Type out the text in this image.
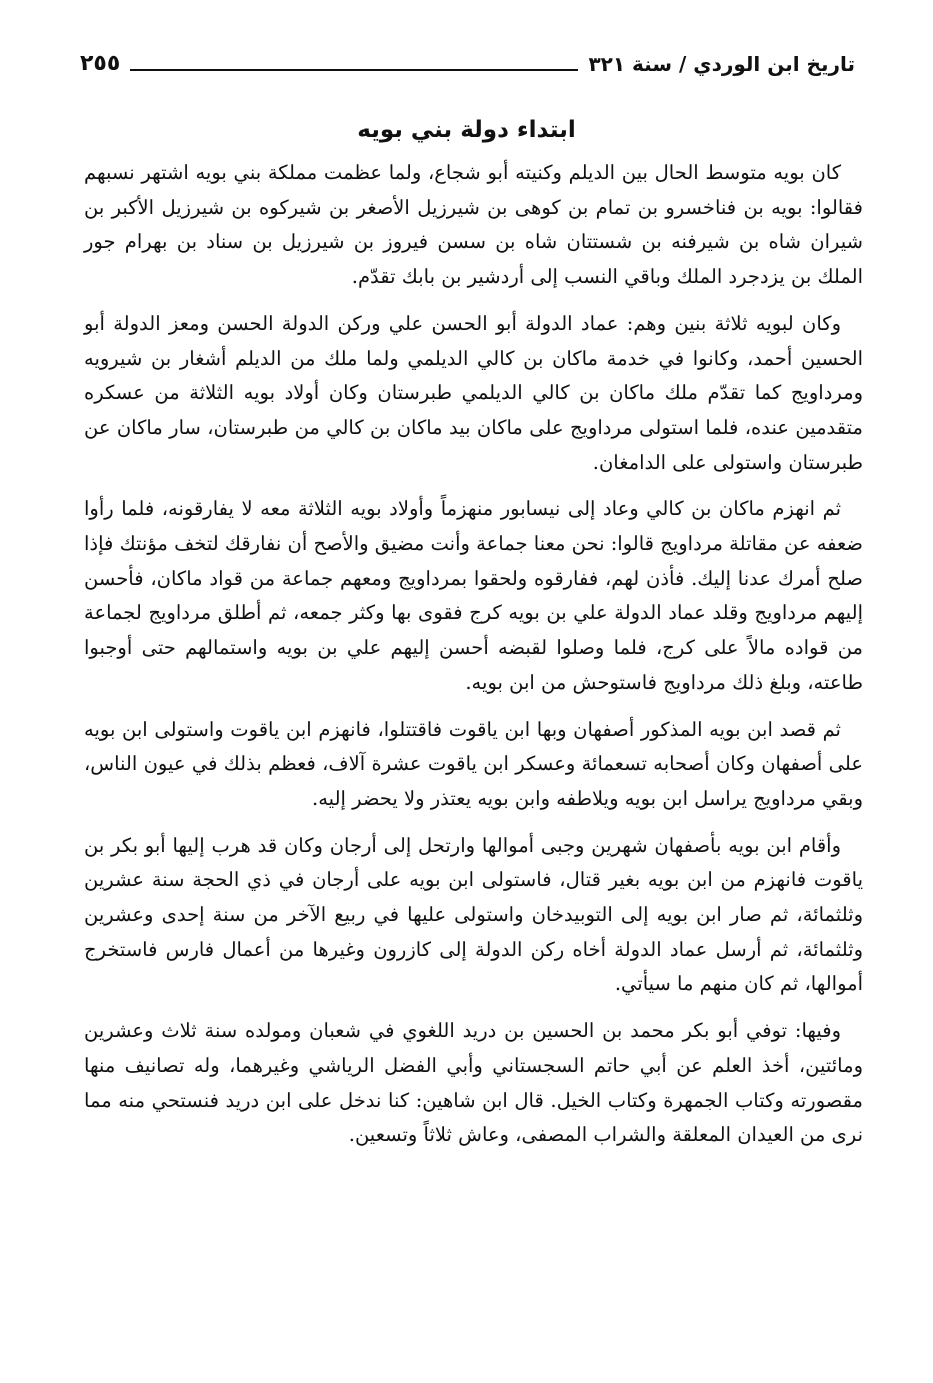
تاريخ ابن الوردي / سنة ٣٢١
٢٥٥
ابتداء دولة بني بويه

كان بويه متوسط الحال بين الديلم وكنيته أبو شجاع، ولما عظمت مملكة بني بويه اشتهر نسبهم فقالوا: بويه بن فناخسرو بن تمام بن كوهى بن شيرزيل الأصغر بن شيركوه بن شيرزيل الأكبر بن شيران شاه بن شيرفنه بن شستتان شاه بن سسن فيروز بن شيرزيل بن سناد بن بهرام جور الملك بن يزدجرد الملك وباقي النسب إلى أردشير بن بابك تقدّم.

وكان لبويه ثلاثة بنين وهم: عماد الدولة أبو الحسن علي وركن الدولة الحسن ومعز الدولة أبو الحسين أحمد، وكانوا في خدمة ماكان بن كالي الديلمي ولما ملك من الديلم أشغار بن شيرويه ومرداويج كما تقدّم ملك ماكان بن كالي الديلمي طبرستان وكان أولاد بويه الثلاثة من عسكره متقدمين عنده، فلما استولى مرداويج على ماكان بيد ماكان بن كالي من طبرستان، سار ماكان عن طبرستان واستولى على الدامغان.

ثم انهزم ماكان بن كالي وعاد إلى نيسابور منهزماً وأولاد بويه الثلاثة معه لا يفارقونه، فلما رأوا ضعفه عن مقاتلة مرداويج قالوا: نحن معنا جماعة وأنت مضيق والأصح أن نفارقك لتخف مؤنتك فإذا صلح أمرك عدنا إليك. فأذن لهم، ففارقوه ولحقوا بمرداويج ومعهم جماعة من قواد ماكان، فأحسن إليهم مرداويج وقلد عماد الدولة علي بن بويه كرج فقوى بها وكثر جمعه، ثم أطلق مرداويج لجماعة من قواده مالاً على كرج، فلما وصلوا لقبضه أحسن إليهم علي بن بويه واستمالهم حتى أوجبوا طاعته، وبلغ ذلك مرداويج فاستوحش من ابن بويه.

ثم قصد ابن بويه المذكور أصفهان وبها ابن ياقوت فاقتتلوا، فانهزم ابن ياقوت واستولى ابن بويه على أصفهان وكان أصحابه تسعمائة وعسكر ابن ياقوت عشرة آلاف، فعظم بذلك في عيون الناس، وبقي مرداويج يراسل ابن بويه ويلاطفه وابن بويه يعتذر ولا يحضر إليه.

وأقام ابن بويه بأصفهان شهرين وجبى أموالها وارتحل إلى أرجان وكان قد هرب إليها أبو بكر بن ياقوت فانهزم من ابن بويه بغير قتال، فاستولى ابن بويه على أرجان في ذي الحجة سنة عشرين وثلثمائة، ثم صار ابن بويه إلى التوبيدخان واستولى عليها في ربيع الآخر من سنة إحدى وعشرين وثلثمائة، ثم أرسل عماد الدولة أخاه ركن الدولة إلى كازرون وغيرها من أعمال فارس فاستخرج أموالها، ثم كان منهم ما سيأتي.

وفيها: توفي أبو بكر محمد بن الحسين بن دريد اللغوي في شعبان ومولده سنة ثلاث وعشرين ومائتين، أخذ العلم عن أبي حاتم السجستاني وأبي الفضل الرياشي وغيرهما، وله تصانيف منها مقصورته وكتاب الجمهرة وكتاب الخيل. قال ابن شاهين: كنا ندخل على ابن دريد فنستحي منه مما نرى من العيدان المعلقة والشراب المصفى، وعاش ثلاثاً وتسعين.
